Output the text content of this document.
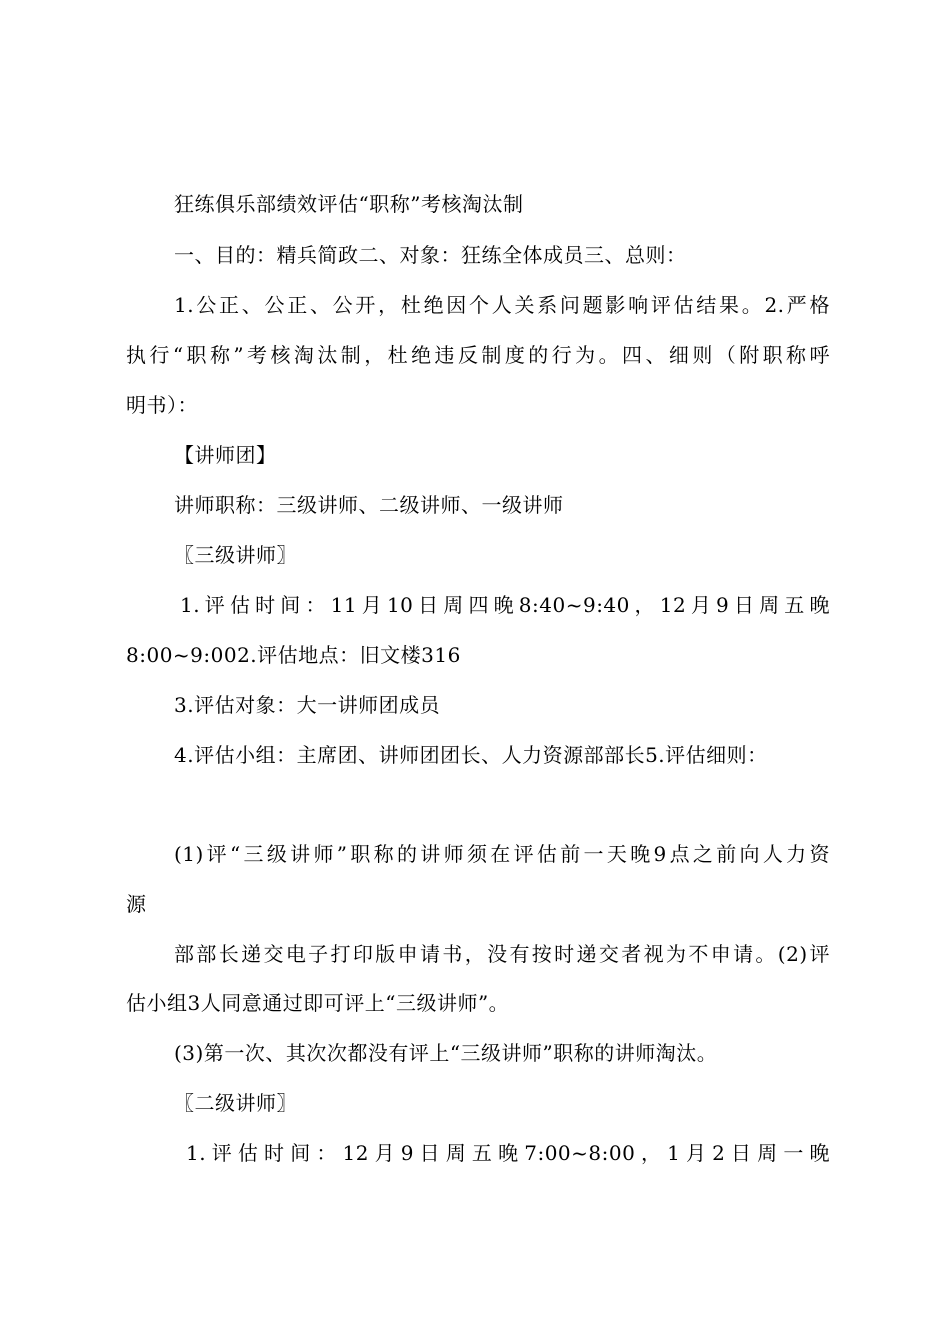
狂练俱乐部绩效评估“职称”考核淘汰制
一、目的：精兵简政二、对象：狂练全体成员三、总则：
1.公正、公正、公开，杜绝因个人关系问题影响评估结果。2.严格
执行“职称”考核淘汰制，杜绝违反制度的行为。四、细则（附职称呼
明书）：
【讲师团】
讲师职称：三级讲师、二级讲师、一级讲师
〖三级讲师〗
1.评估时间：11月10日周四晚8:40~9:40，12月9日周五晚
8:00~9:002.评估地点：旧文楼316
3.评估对象：大一讲师团成员
4.评估小组：主席团、讲师团团长、人力资源部部长5.评估细则：
(1)评“三级讲师”职称的讲师须在评估前一天晚9点之前向人力资
源
部部长递交电子打印版申请书，没有按时递交者视为不申请。(2)评
估小组3人同意通过即可评上“三级讲师”。
(3)第一次、其次次都没有评上“三级讲师”职称的讲师淘汰。
〖二级讲师〗
1.评估时间：12月9日周五晚7:00~8:00，1月2日周一晚
